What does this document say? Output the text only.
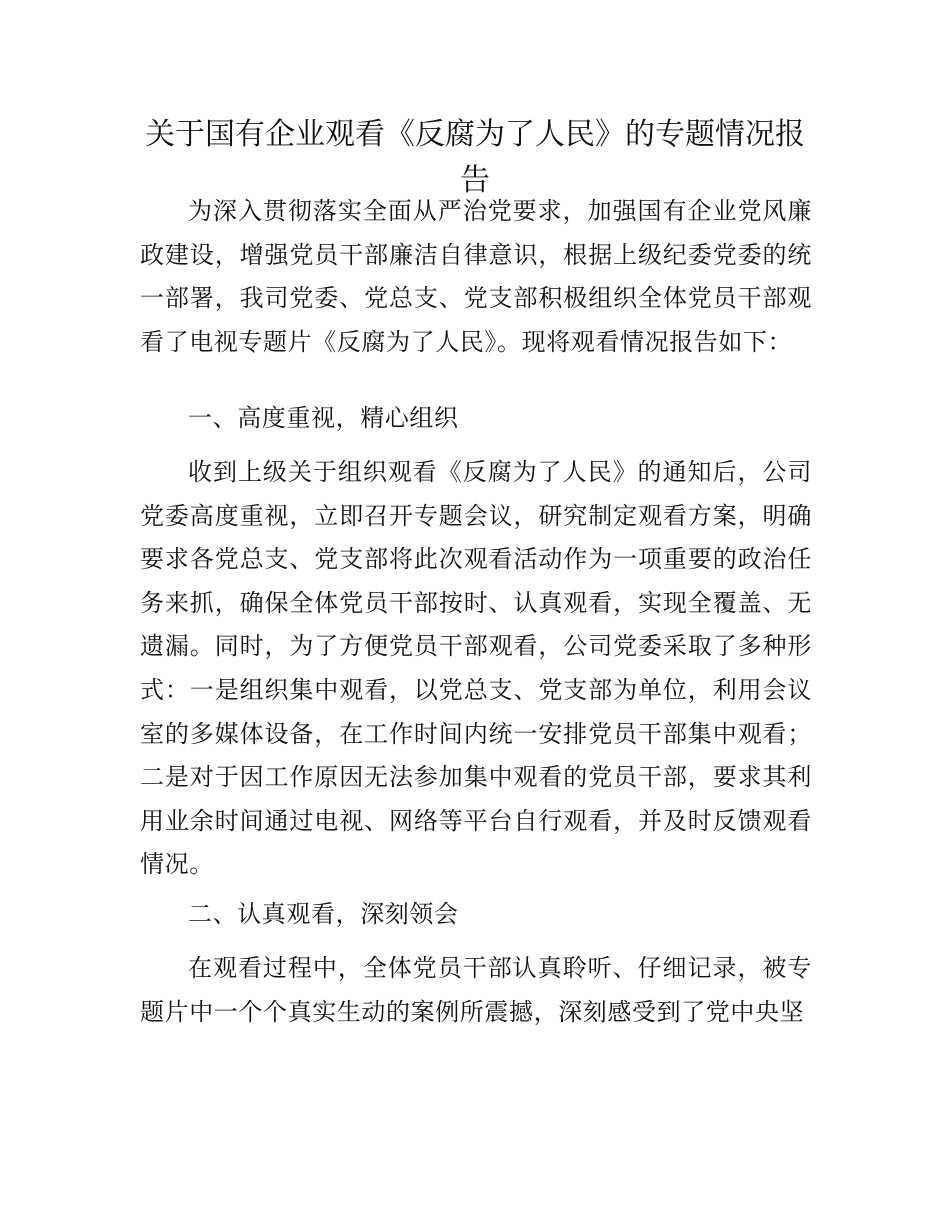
关于国有企业观看《反腐为了人民》的专题情况报告

为深入贯彻落实全面从严治党要求，加强国有企业党风廉政建设，增强党员干部廉洁自律意识，根据上级纪委党委的统一部署，我司党委、党总支、党支部积极组织全体党员干部观看了电视专题片《反腐为了人民》。现将观看情况报告如下：

一、高度重视，精心组织

收到上级关于组织观看《反腐为了人民》的通知后，公司党委高度重视，立即召开专题会议，研究制定观看方案，明确要求各党总支、党支部将此次观看活动作为一项重要的政治任务来抓，确保全体党员干部按时、认真观看，实现全覆盖、无遗漏。同时，为了方便党员干部观看，公司党委采取了多种形式：一是组织集中观看，以党总支、党支部为单位，利用会议室的多媒体设备，在工作时间内统一安排党员干部集中观看；二是对于因工作原因无法参加集中观看的党员干部，要求其利用业余时间通过电视、网络等平台自行观看，并及时反馈观看情况。

二、认真观看，深刻领会

在观看过程中，全体党员干部认真聆听、仔细记录，被专题片中一个个真实生动的案例所震撼，深刻感受到了党中央坚
